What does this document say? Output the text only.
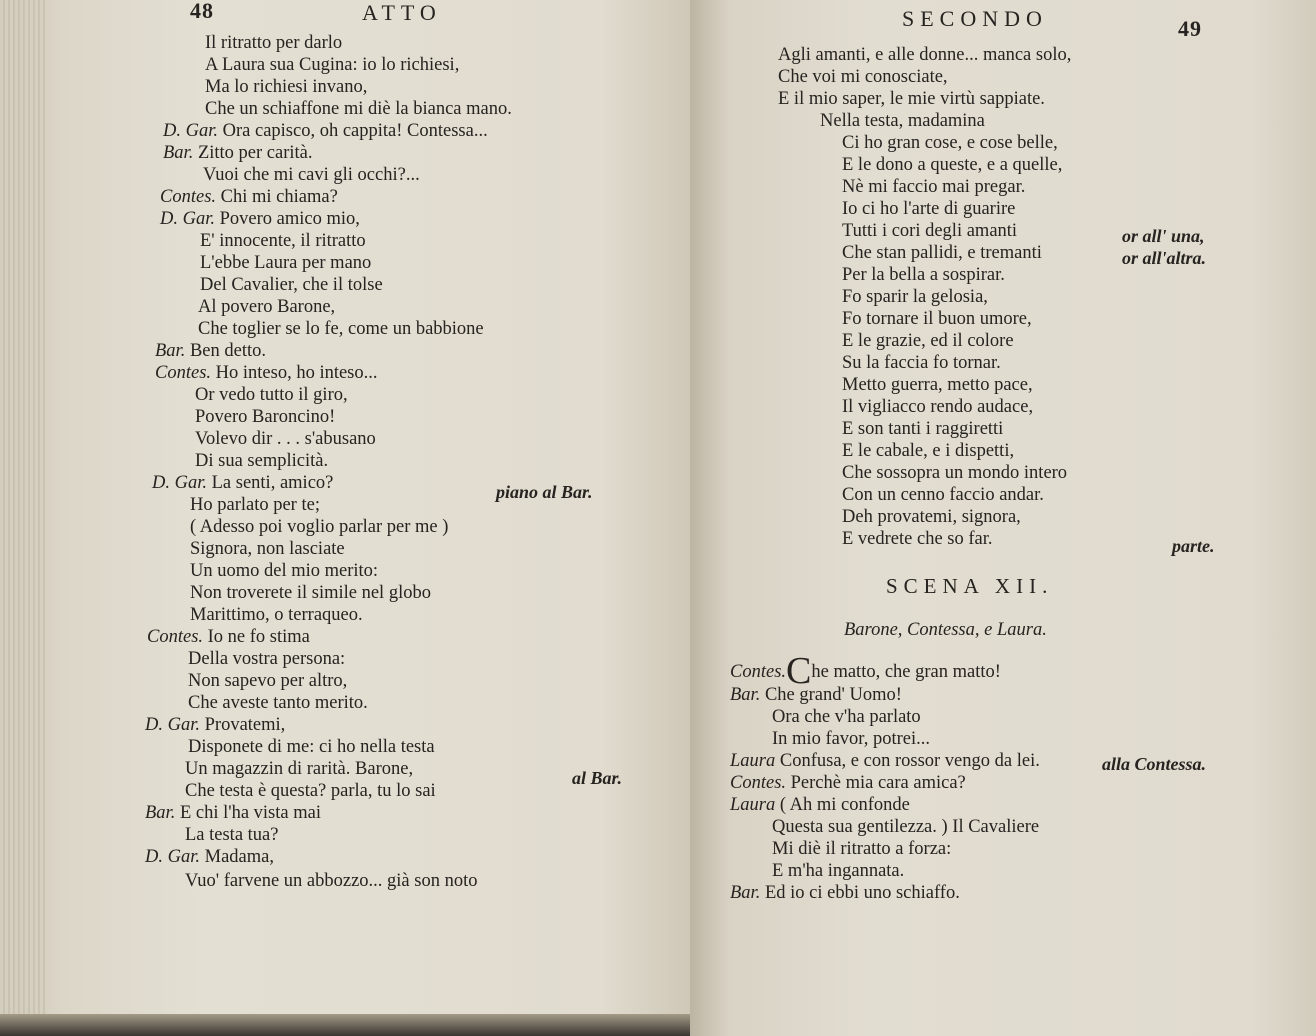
48	ATTO
Il ritratto per darlo
A Laura sua Cugina: io lo richiesi,
Ma lo richiesi invano,
Che un schiaffone mi diè la bianca mano.
D. Gar. Ora capisco, oh cappita! Contessa...
Bar. Zitto per carità.
Vuoi che mi cavi gli occhi?...
Contes. Chi mi chiama?
D. Gar. Povero amico mio,
E' innocente, il ritratto
L'ebbe Laura per mano
Del Cavalier, che il tolse
Al povero Barone,
Che toglier se lo fe, come un babbione
Bar. Ben detto.
Contes. Ho inteso, ho inteso...
Or vedo tutto il giro,
Povero Baroncino!
Volevo dir . . . s'abusano
Di sua semplicità.
D. Gar. La senti, amico?
Ho parlato per te;
( Adesso poi voglio parlar per me )
Signora, non lasciate
Un uomo del mio merito:
Non troverete il simile nel globo
Marittimo, o terraqueo.
Contes. Io ne fo stima
Della vostra persona:
Non sapevo per altro,
Che aveste tanto merito.
D. Gar. Provatemi,
Disponete di me: ci ho nella testa
Un magazzin di rarità. Barone,
Che testa è questa? parla, tu lo sai
Bar. E chi l'ha vista mai
La testa tua?
D. Gar. Madama,
Vuo' farvene un abbozzo... già son noto
piano al Bar.
al Bar.
SECONDO	49
Agli amanti, e alle donne... manca solo,
Che voi mi conosciate,
E il mio saper, le mie virtù sappiate.
Nella testa, madamina
Ci ho gran cose, e cose belle,
E le dono a queste, e a quelle,
Nè mi faccio mai pregar.
Io ci ho l'arte di guarire
Tutti i cori degli amanti
Che stan pallidi, e tremanti
Per la bella a sospirar.
Fo sparir la gelosia,
Fo tornare il buon umore,
E le grazie, ed il colore
Su la faccia fo tornar.
Metto guerra, metto pace,
Il vigliacco rendo audace,
E son tanti i raggiretti
E le cabale, e i dispetti,
Che sossopra un mondo intero
Con un cenno faccio andar.
Deh provatemi, signora,
E vedrete che so far.
Bar. Che grand' Uomo!
Ora che v'ha parlato
In mio favor, potrei...
Laura Confusa, e con rossor vengo da lei.
Contes. Perchè mia cara amica?
Laura ( Ah mi confonde
Questa sua gentilezza. ) Il Cavaliere
Mi diè il ritratto a forza:
E m'ha ingannata.
Bar. Ed io ci ebbi uno schiaffo.
or all' una,
or all'altra.
parte.
alla Contessa.
SCENA XII.
Barone, Contessa, e Laura.
Contes.Che matto, che gran matto!
